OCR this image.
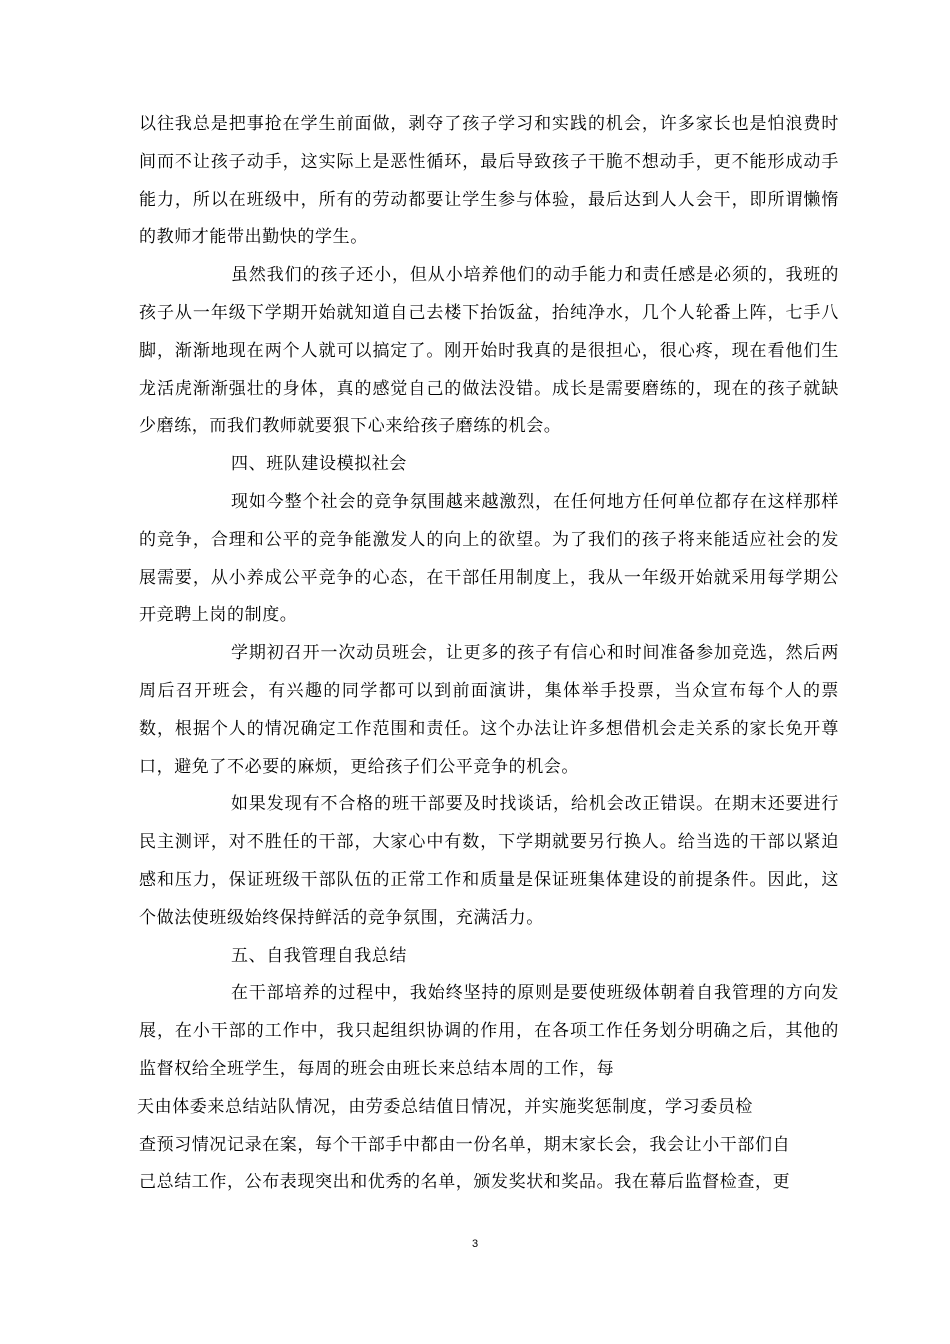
以往我总是把事抢在学生前面做，剥夺了孩子学习和实践的机会，许多家长也是怕浪费时间而不让孩子动手，这实际上是恶性循环，最后导致孩子干脆不想动手，更不能形成动手能力，所以在班级中，所有的劳动都要让学生参与体验，最后达到人人会干，即所谓懒惰的教师才能带出勤快的学生。

虽然我们的孩子还小，但从小培养他们的动手能力和责任感是必须的，我班的孩子从一年级下学期开始就知道自己去楼下抬饭盆，抬纯净水，几个人轮番上阵，七手八脚，渐渐地现在两个人就可以搞定了。刚开始时我真的是很担心，很心疼，现在看他们生龙活虎渐渐强壮的身体，真的感觉自己的做法没错。成长是需要磨练的，现在的孩子就缺少磨练，而我们教师就要狠下心来给孩子磨练的机会。

四、班队建设模拟社会

现如今整个社会的竞争氛围越来越激烈，在任何地方任何单位都存在这样那样的竞争，合理和公平的竞争能激发人的向上的欲望。为了我们的孩子将来能适应社会的发展需要，从小养成公平竞争的心态，在干部任用制度上，我从一年级开始就采用每学期公开竞聘上岗的制度。

学期初召开一次动员班会，让更多的孩子有信心和时间准备参加竞选，然后两周后召开班会，有兴趣的同学都可以到前面演讲，集体举手投票，当众宣布每个人的票数，根据个人的情况确定工作范围和责任。这个办法让许多想借机会走关系的家长免开尊口，避免了不必要的麻烦，更给孩子们公平竞争的机会。

如果发现有不合格的班干部要及时找谈话，给机会改正错误。在期末还要进行民主测评，对不胜任的干部，大家心中有数，下学期就要另行换人。给当选的干部以紧迫感和压力，保证班级干部队伍的正常工作和质量是保证班集体建设的前提条件。因此，这个做法使班级始终保持鲜活的竞争氛围，充满活力。

五、自我管理自我总结

在干部培养的过程中，我始终坚持的原则是要使班级体朝着自我管理的方向发展，在小干部的工作中，我只起组织协调的作用，在各项工作任务划分明确之后，其他的监督权给全班学生，每周的班会由班长来总结本周的工作，每

天由体委来总结站队情况，由劳委总结值日情况，并实施奖惩制度，学习委员检

查预习情况记录在案，每个干部手中都由一份名单，期末家长会，我会让小干部们自

己总结工作，公布表现突出和优秀的名单，颁发奖状和奖品。我在幕后监督检查，更

3
